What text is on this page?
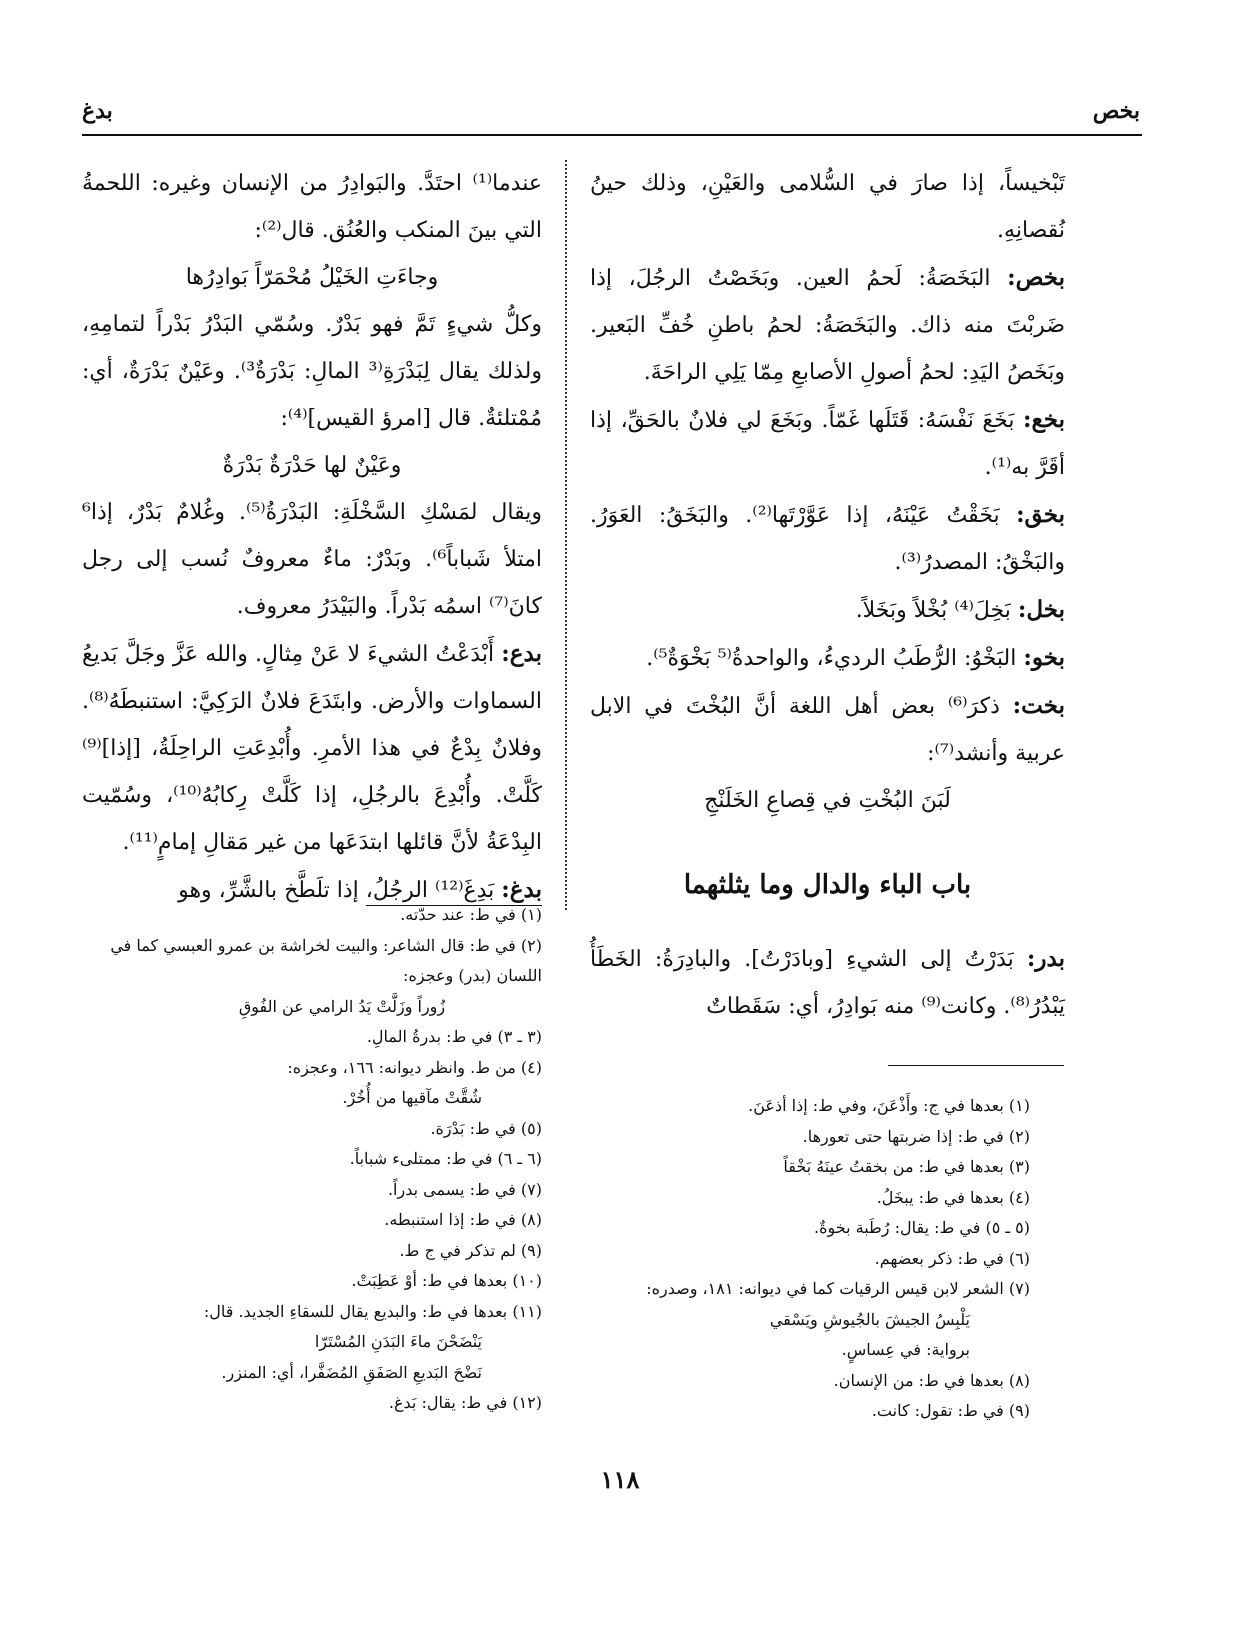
بخص
بدغ

تَبْخيساً، إذا صارَ في السُّلامى والعَيْنِ، وذلك حينُ نُقصانِهِ.

بخص: البَخَصَةُ: لَحمُ العين. وبَخَصْتُ الرجُلَ، إذا ضَربْتَ منه ذاك. والبَخَصَةُ: لحمُ باطنِ خُفِّ البَعير. وبَخَصُ اليَدِ: لحمُ أصولِ الأصابعِ مِمّا يَلِي الراحَةَ.

بخع: بَخَعَ نَفْسَهُ: قَتَلَها غَمّاً. وبَخَعَ لي فلانٌ بالحَقِّ، إذا أقَرَّ به⁽¹⁾.

بخق: بَخَقْتُ عَيْنَهُ، إذا عَوَّرْتَها⁽²⁾. والبَخَقُ: العَوَرُ. والبَخْقُ: المصدرُ⁽³⁾.

بخل: بَخِلَ⁽⁴⁾ بُخْلاً وبَخَلاً.

بخو: البَخْوُ: الرُّطَبُ الرديءُ، والواحدةُ⁽⁵ بَخْوَةٌ⁵⁾.

بخت: ذكرَ⁽⁶⁾ بعض أهل اللغة أنَّ البُخْتَ في الابل عربية وأنشد⁽⁷⁾:

لَبَنَ البُخْتِ في قِصاعِ الخَلَنْجِ
باب الباء والدال وما يثلثهما

بدر: بَدَرْتُ إلى الشيءِ [وبادَرْتُ]. والبادِرَةُ: الخَطَأُ يَبْدُرُ⁽⁸⁾. وكانت⁽⁹⁾ منه بَوادِرُ، أي: سَقَطاتٌ

عندما⁽¹⁾ احتَدَّ. والبَوادِرُ من الإنسان وغيره: اللحمةُ التي بينَ المنكب والعُنُق. قال⁽²⁾:

وجاءَتِ الخَيْلُ مُحْمَرّاً بَوادِرُها

وكلُّ شيءٍ تَمَّ فهو بَدْرٌ. وسُمّي البَدْرُ بَدْراً لتمامِهِ، ولذلك يقال لِبَدْرَةِ⁽³ المالِ: بَدْرَةٌ³⁾. وعَيْنٌ بَدْرَةٌ، أي: مُمْتلئةٌ. قال [امرؤ القيس]⁽⁴⁾:

وعَيْنٌ لها حَدْرَةٌ بَدْرَةٌ

ويقال لمَسْكِ السَّخْلَةِ: البَدْرَةُ⁽⁵⁾. وغُلامٌ بَدْرٌ، إذا⁶ امتلأ شَباباً⁶⁾. وبَدْرٌ: ماءٌ معروفٌ نُسب إلى رجل كانَ⁽⁷⁾ اسمُه بَدْراً. والبَيْدَرُ معروف.

بدع: أَبْدَعْتُ الشيءَ لا عَنْ مِثالٍ. والله عَزَّ وجَلَّ بَديعُ السماوات والأرض. وابتَدَعَ فلانٌ الرَكِيَّ: استنبطَهُ⁽⁸⁾. وفلانٌ بِدْعٌ في هذا الأمرِ. وأُبْدِعَتِ الراحِلَةُ، [إذا]⁽⁹⁾ كَلَّتْ. وأُبْدِعَ بالرجُلِ، إذا كَلَّتْ رِكابُهُ⁽¹⁰⁾، وسُمّيت البِدْعَةُ لأنَّ قائلها ابتدَعَها من غير مَقالِ إمامٍ⁽¹¹⁾.

بدغ: بَدِغَ⁽¹²⁾ الرجُلُ، إذا تلَطَّخ بالشَّرِّ، وهو

(١) في ط: عند حدّته.

(٢) في ط: قال الشاعر: والبيت لخراشة بن عمرو العبسي كما في اللسان (بدر) وعجزه:

زُوراً وزَلَّتْ يَدُ الرامي عن الفُوقِ

(٣ ـ ٣) في ط: بدرةُ المالِ.

(٤) من ط. وانظر ديوانه: ١٦٦، وعجزه:

شُقَّتْ مآقيها من أُخُرْ.

(٥) في ط: بَدْرَة.

(٦ ـ ٦) في ط: ممتلىء شباباً.

(٧) في ط: يسمى بدراً.

(٨) في ط: إذا استنبطه.

(٩) لم تذكر في ج ط.

(١٠) بعدها في ط: أوْ عَطِبَتْ.

(١١) بعدها في ط: والبديع يقال للسقاءِ الجديد. قال:

يَنْضَحْنَ ماءَ البَدَنِ المُسْتَرّا

نَضْحَ البَديعِ الصَفَقِ المُضَفَّرا، أي: المنزر.

(١٢) في ط: يقال: بَدغ.

(١) بعدها في ج: وأَذْعَنَ، وفي ط: إذا أذعَنَ.

(٢) في ط: إذا ضربتها حتى تعورها.

(٣) بعدها في ط: من بخقتُ عينَهُ بَخْقاً

(٤) بعدها في ط: يبخَلُ.

(٥ ـ ٥) في ط: يقال: رُطَبة بخوةٌ.

(٦) في ط: ذكر بعضهم.

(٧) الشعر لابن قيس الرقيات كما في ديوانه: ١٨١، وصدره:

يَلْبِسُ الجيشَ بالجُيوشِ ويَسْقي

برواية: في عِساسٍ.

(٨) بعدها في ط: من الإنسان.

(٩) في ط: تقول: كانت.

١١٨
